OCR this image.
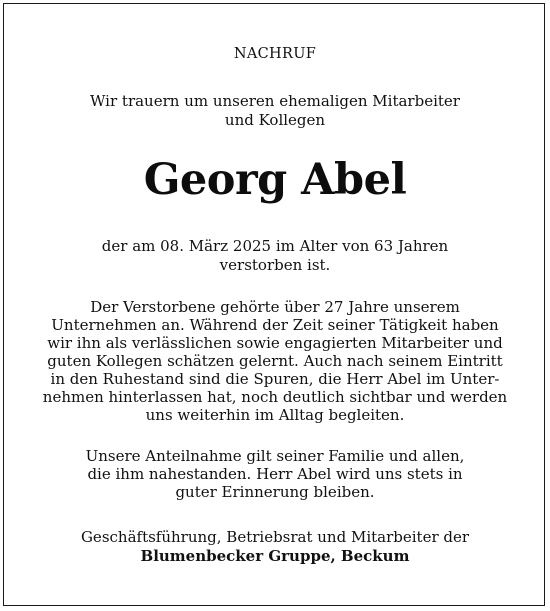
NACHRUF
Wir trauern um unseren ehemaligen Mitarbeiter
und Kollegen
Georg Abel
der am 08. März 2025 im Alter von 63 Jahren
verstorben ist.
Der Verstorbene gehörte über 27 Jahre unserem
Unternehmen an. Während der Zeit seiner Tätigkeit haben
wir ihn als verlässlichen sowie engagierten Mitarbeiter und
guten Kollegen schätzen gelernt. Auch nach seinem Eintritt
in den Ruhestand sind die Spuren, die Herr Abel im Unter-
nehmen hinterlassen hat, noch deutlich sichtbar und werden
uns weiterhin im Alltag begleiten.
Unsere Anteilnahme gilt seiner Familie und allen,
die ihm nahestanden. Herr Abel wird uns stets in
guter Erinnerung bleiben.
Geschäftsführung, Betriebsrat und Mitarbeiter der
Blumenbecker Gruppe, Beckum
